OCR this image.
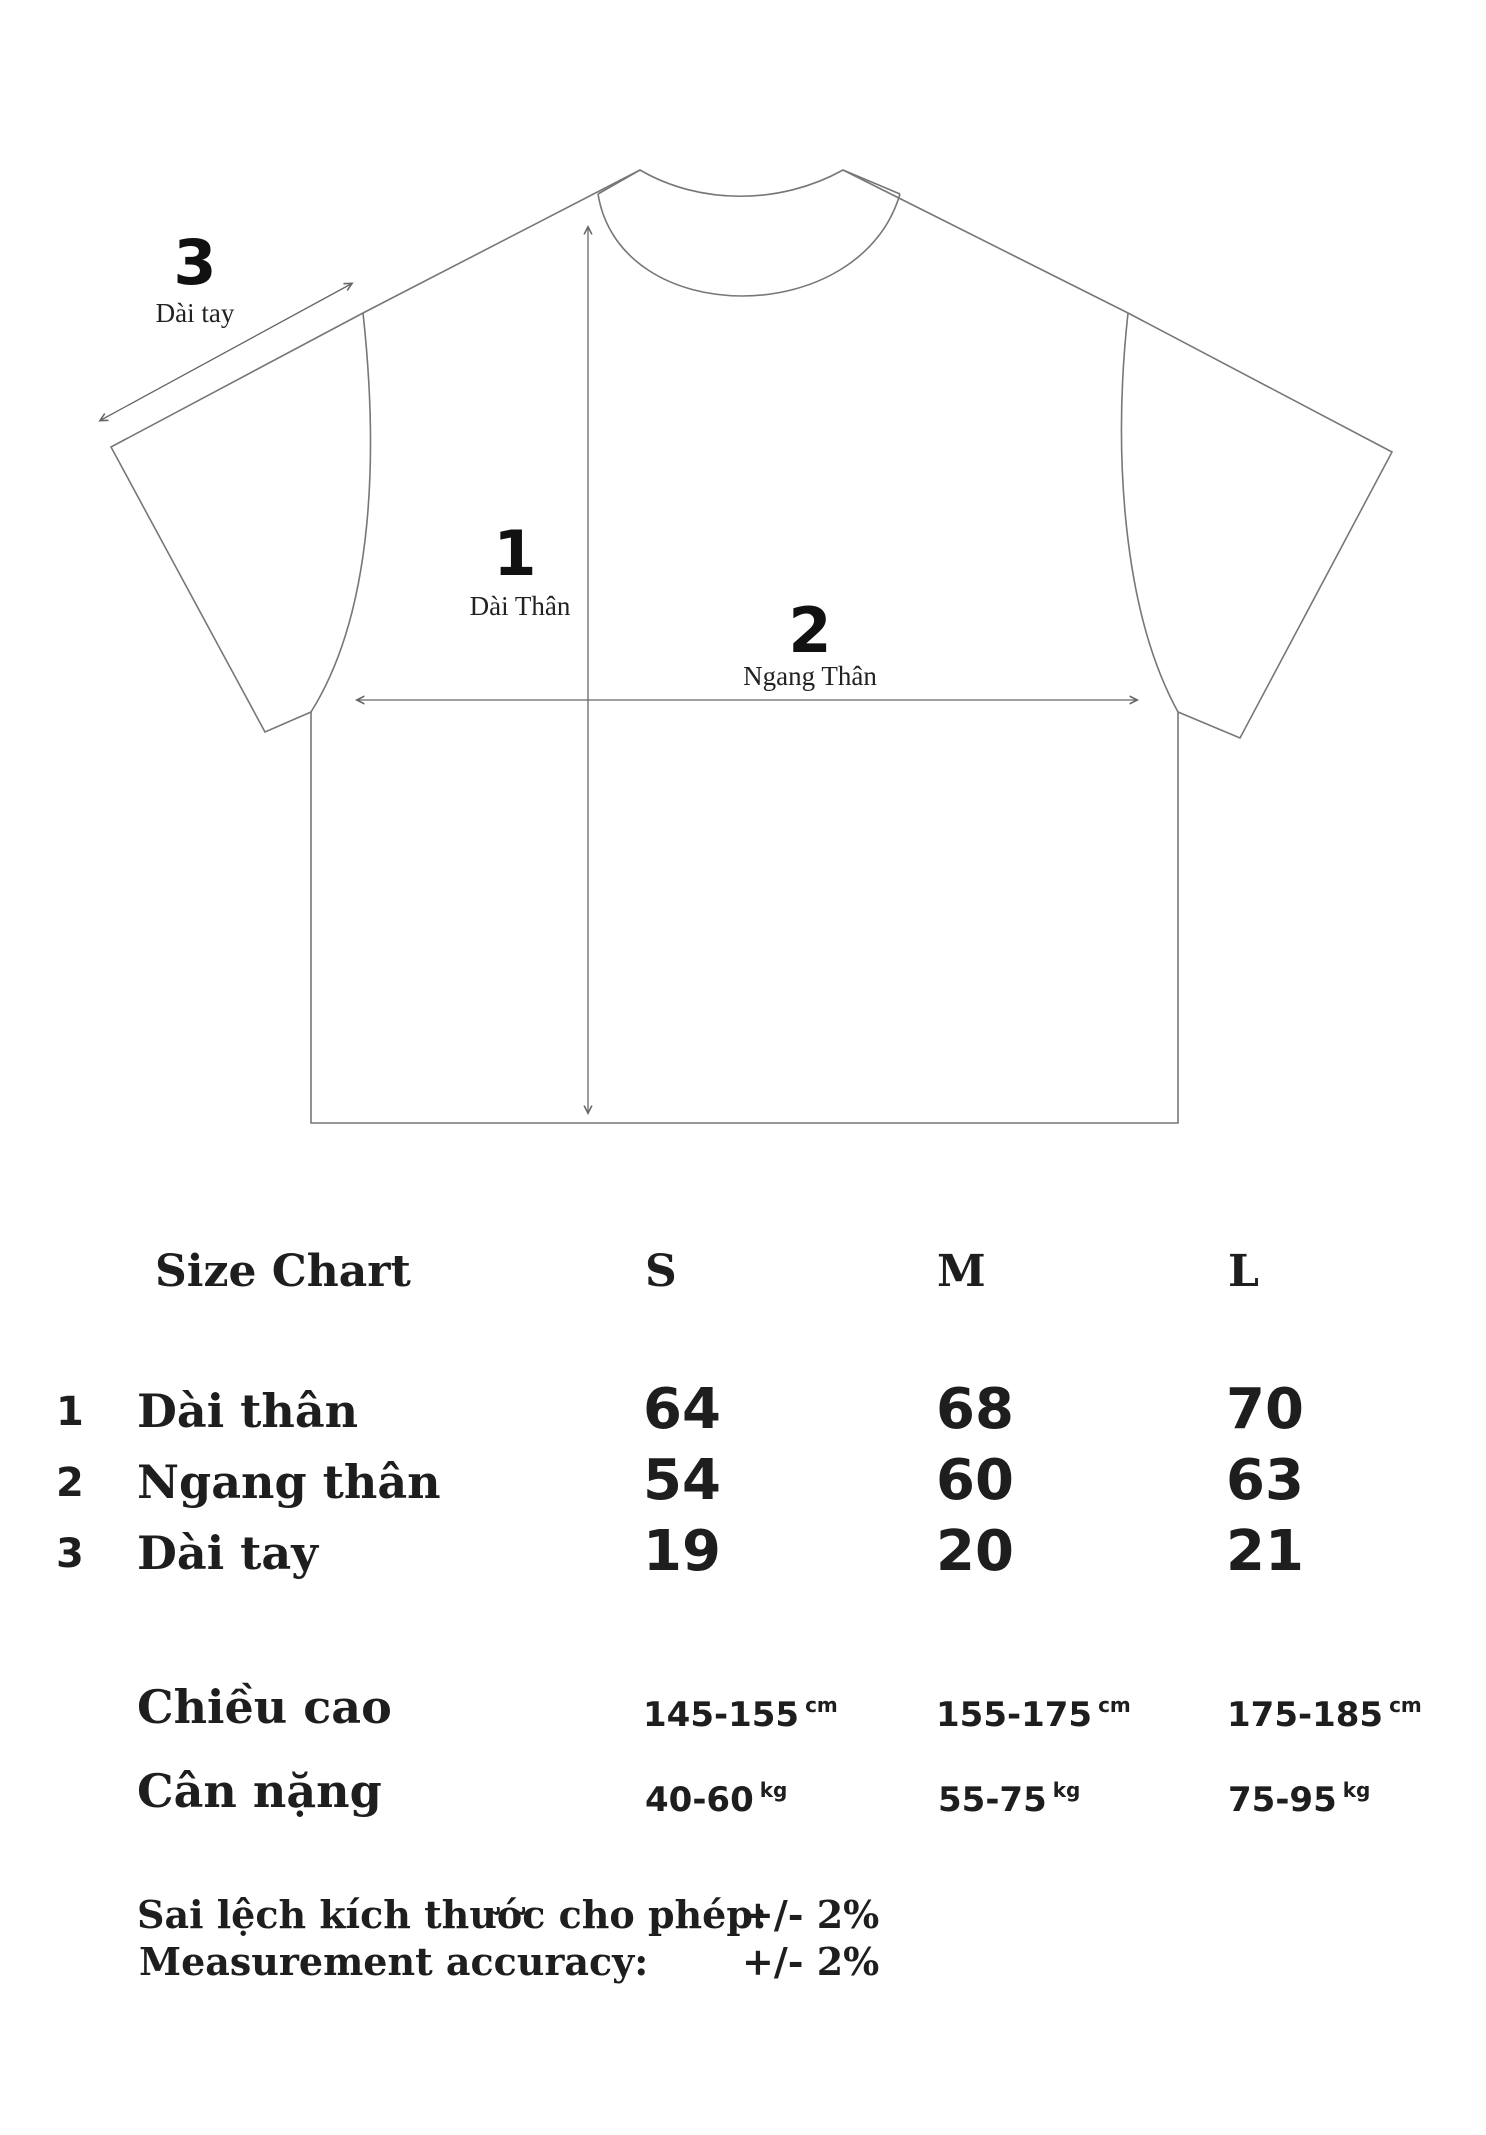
3
Dài tay
1
Dài Thân	2
Ngang Thân
Size Chart	S	M	L
1 Dài thân	64	68	70
2 Ngang thân	54	60	63
3 Dài tay	19	20	21
Chiều cao	145-155 $^{cm}$	155-175 $^{cm}$	175-185 $^{cm}$
Cân nặng	40-60 $^{kg}$	55-75 $^{kg}$	75-95 $^{kg}$
Sai lệch kích thước cho phép:
+/- 2%
Measurement accuracy: +/- 2%
